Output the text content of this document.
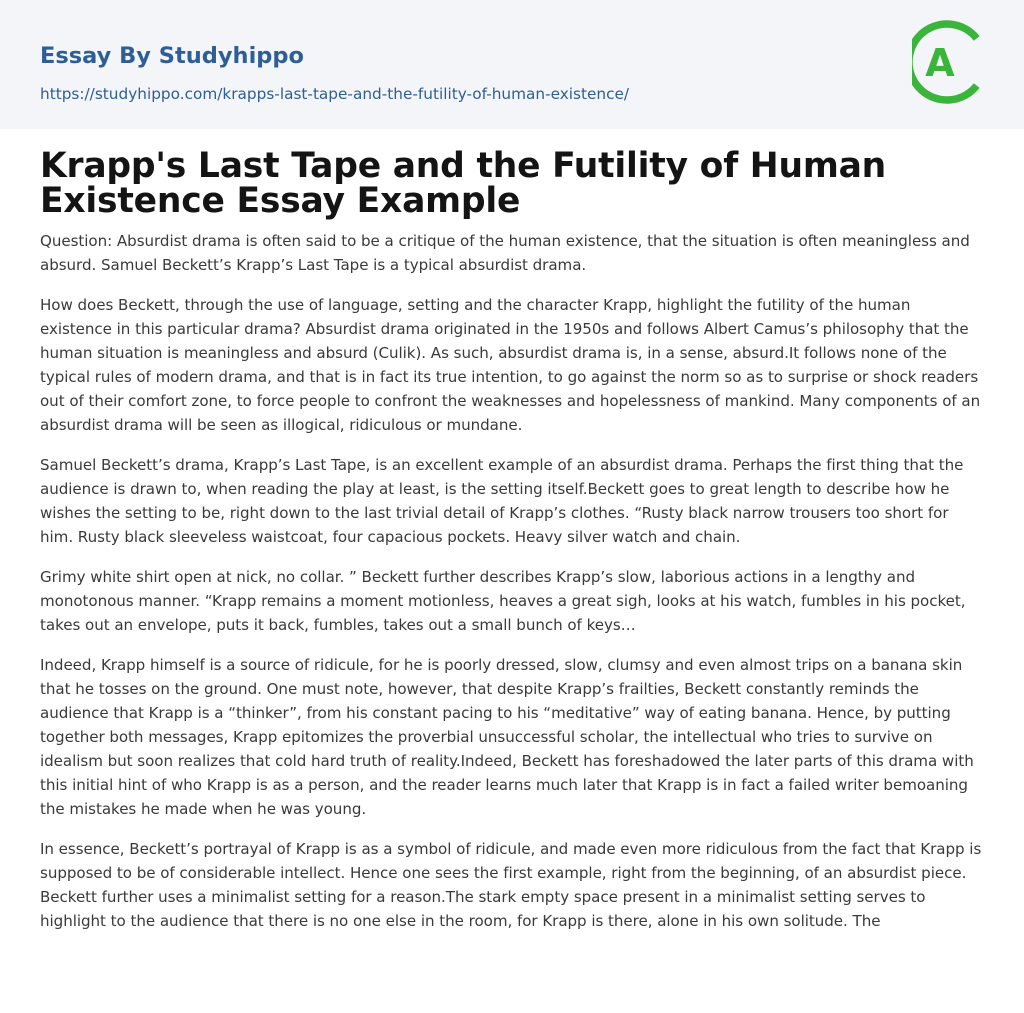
Essay By Studyhippo
https://studyhippo.com/krapps-last-tape-and-the-futility-of-human-existence/
A
Krapp's Last Tape and the Futility of Human Existence Essay Example

Question: Absurdist drama is often said to be a critique of the human existence, that the situation is often meaningless and absurd. Samuel Beckett’s Krapp’s Last Tape is a typical absurdist drama.

How does Beckett, through the use of language, setting and the character Krapp, highlight the futility of the human existence in this particular drama? Absurdist drama originated in the 1950s and follows Albert Camus’s philosophy that the human situation is meaningless and absurd (Culik). As such, absurdist drama is, in a sense, absurd.It follows none of the typical rules of modern drama, and that is in fact its true intention, to go against the norm so as to surprise or shock readers out of their comfort zone, to force people to confront the weaknesses and hopelessness of mankind. Many components of an absurdist drama will be seen as illogical, ridiculous or mundane.

Samuel Beckett’s drama, Krapp’s Last Tape, is an excellent example of an absurdist drama. Perhaps the first thing that the audience is drawn to, when reading the play at least, is the setting itself.Beckett goes to great length to describe how he wishes the setting to be, right down to the last trivial detail of Krapp’s clothes. “Rusty black narrow trousers too short for him. Rusty black sleeveless waistcoat, four capacious pockets. Heavy silver watch and chain.

Grimy white shirt open at nick, no collar. ” Beckett further describes Krapp’s slow, laborious actions in a lengthy and monotonous manner. “Krapp remains a moment motionless, heaves a great sigh, looks at his watch, fumbles in his pocket, takes out an envelope, puts it back, fumbles, takes out a small bunch of keys…

Indeed, Krapp himself is a source of ridicule, for he is poorly dressed, slow, clumsy and even almost trips on a banana skin that he tosses on the ground. One must note, however, that despite Krapp’s frailties, Beckett constantly reminds the audience that Krapp is a “thinker”, from his constant pacing to his “meditative” way of eating banana. Hence, by putting together both messages, Krapp epitomizes the proverbial unsuccessful scholar, the intellectual who tries to survive on idealism but soon realizes that cold hard truth of reality.Indeed, Beckett has foreshadowed the later parts of this drama with this initial hint of who Krapp is as a person, and the reader learns much later that Krapp is in fact a failed writer bemoaning the mistakes he made when he was young.

In essence, Beckett’s portrayal of Krapp is as a symbol of ridicule, and made even more ridiculous from the fact that Krapp is supposed to be of considerable intellect. Hence one sees the first example, right from the beginning, of an absurdist piece. Beckett further uses a minimalist setting for a reason.The stark empty space present in a minimalist setting serves to highlight to the audience that there is no one else in the room, for Krapp is there, alone in his own solitude. The
